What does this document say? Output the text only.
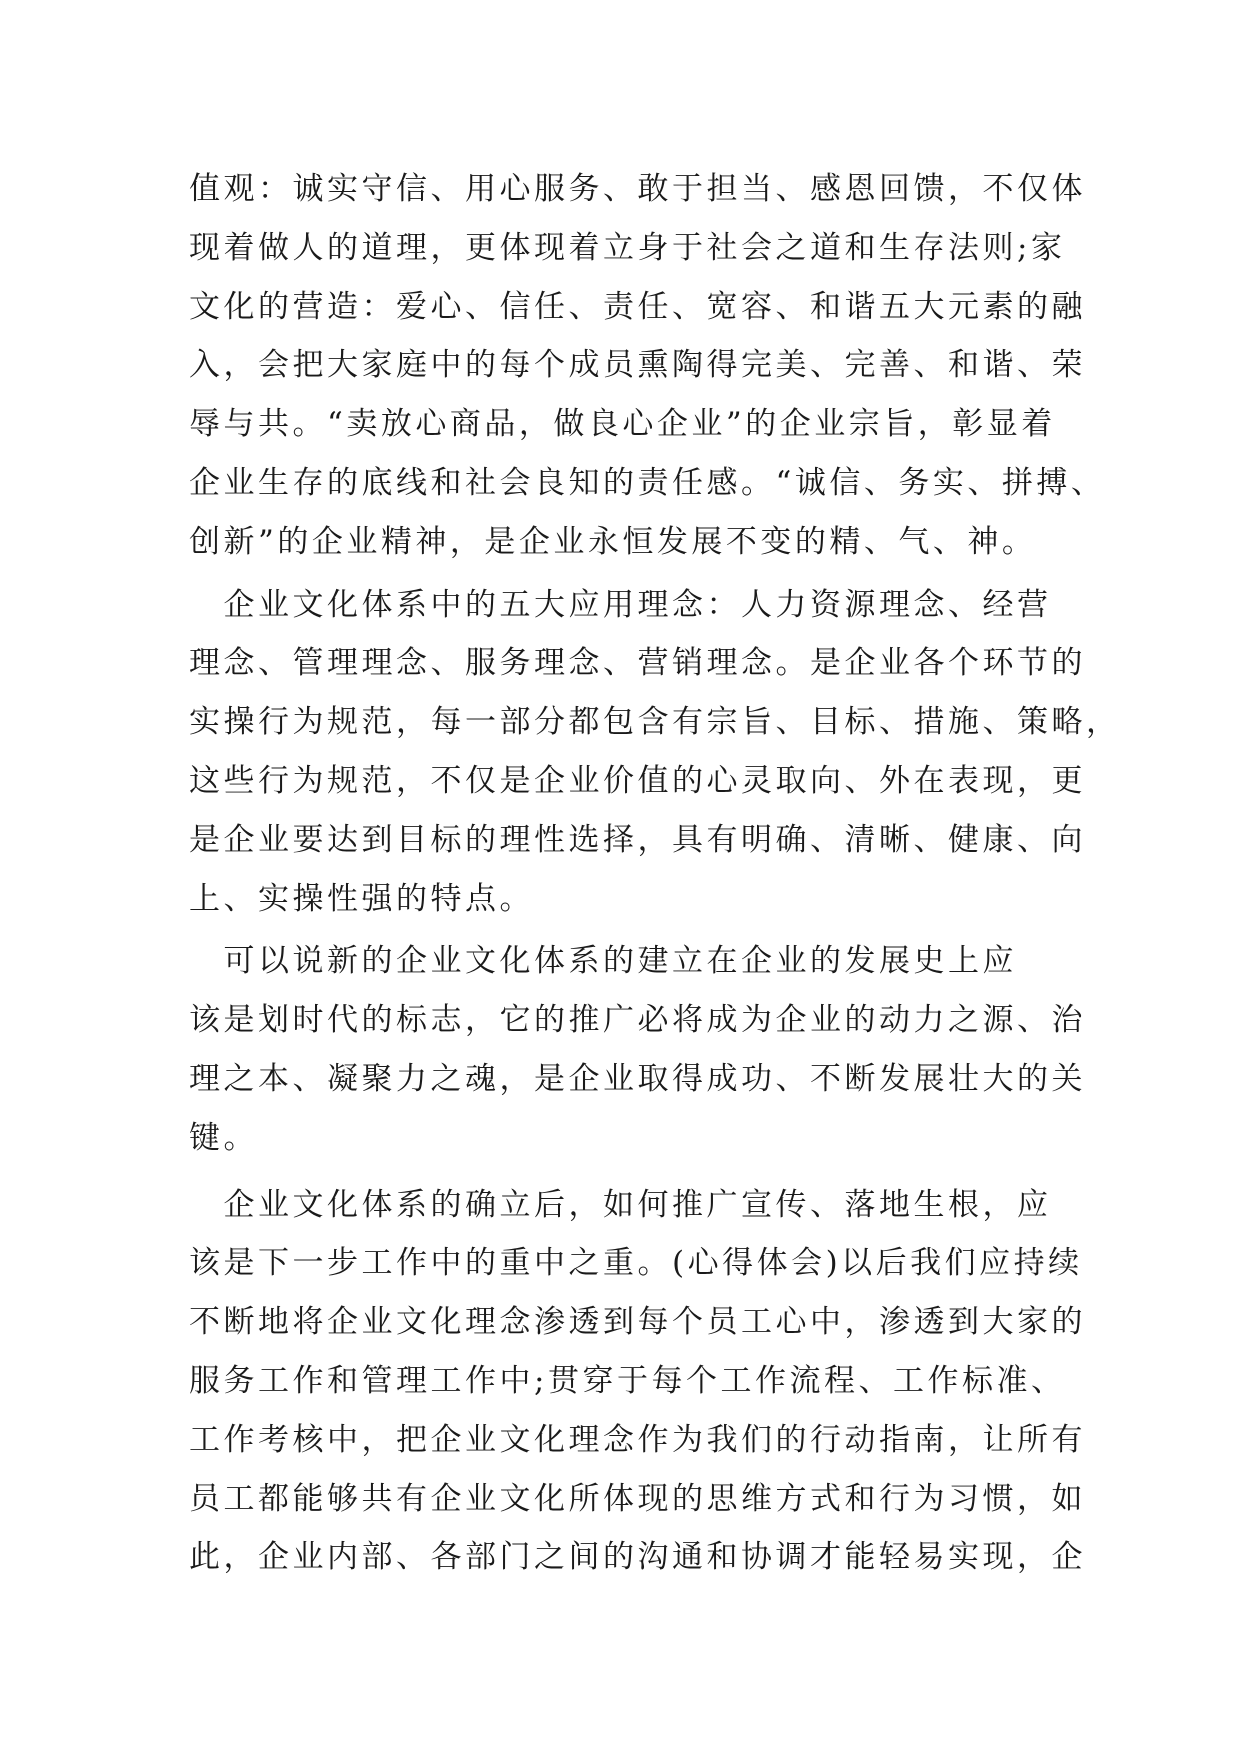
值观：诚实守信、用心服务、敢于担当、感恩回馈，不仅体
现着做人的道理，更体现着立身于社会之道和生存法则;家
文化的营造：爱心、信任、责任、宽容、和谐五大元素的融
入，会把大家庭中的每个成员熏陶得完美、完善、和谐、荣
辱与共。“卖放心商品，做良心企业”的企业宗旨，彰显着
企业生存的底线和社会良知的责任感。“诚信、务实、拼搏、
创新”的企业精神，是企业永恒发展不变的精、气、神。
　企业文化体系中的五大应用理念：人力资源理念、经营
理念、管理理念、服务理念、营销理念。是企业各个环节的
实操行为规范，每一部分都包含有宗旨、目标、措施、策略，
这些行为规范，不仅是企业价值的心灵取向、外在表现，更
是企业要达到目标的理性选择，具有明确、清晰、健康、向
上、实操性强的特点。
　可以说新的企业文化体系的建立在企业的发展史上应
该是划时代的标志，它的推广必将成为企业的动力之源、治
理之本、凝聚力之魂，是企业取得成功、不断发展壮大的关
键。
　企业文化体系的确立后，如何推广宣传、落地生根，应
该是下一步工作中的重中之重。(心得体会)以后我们应持续
不断地将企业文化理念渗透到每个员工心中，渗透到大家的
服务工作和管理工作中;贯穿于每个工作流程、工作标准、
工作考核中，把企业文化理念作为我们的行动指南，让所有
员工都能够共有企业文化所体现的思维方式和行为习惯，如
此，企业内部、各部门之间的沟通和协调才能轻易实现，企
